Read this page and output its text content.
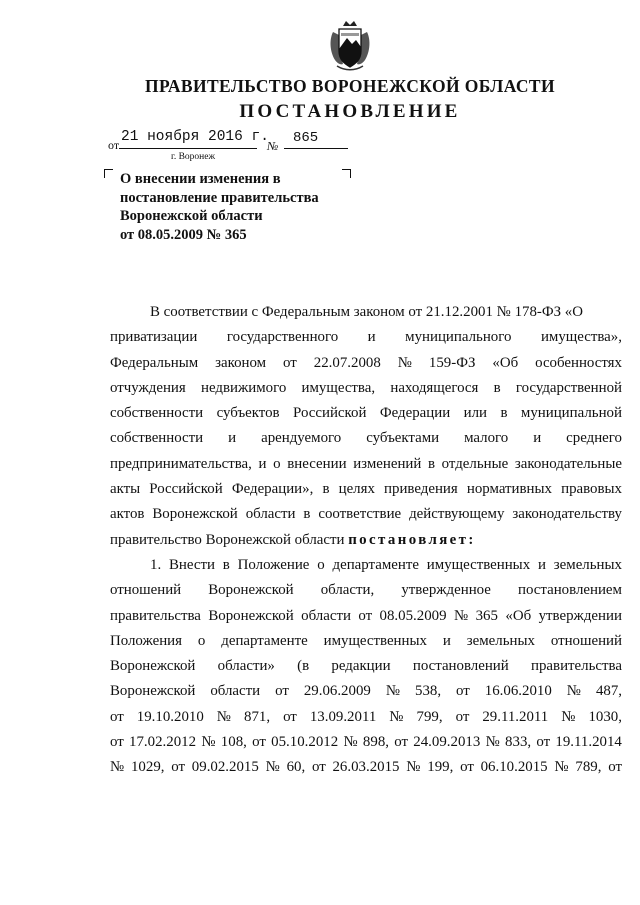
ПРАВИТЕЛЬСТВО ВОРОНЕЖСКОЙ ОБЛАСТИ
ПОСТАНОВЛЕНИЕ
от 21 ноября 2016 г.
№ 865
г. Воронеж
О внесении изменения в
постановление правительства
Воронежской области
от 08.05.2009 № 365
В соответствии с Федеральным законом от 21.12.2001 № 178-ФЗ «О
приватизации государственного и муниципального имущества»,
Федеральным законом от 22.07.2008 № 159-ФЗ «Об особенностях
отчуждения недвижимого имущества, находящегося в государственной
собственности субъектов Российской Федерации или в муниципальной
собственности и арендуемого субъектами малого и среднего
предпринимательства, и о внесении изменений в отдельные законодательные
акты Российской Федерации», в целях приведения нормативных правовых
актов Воронежской области в соответствие действующему законодательству
правительство Воронежской области постановляет:
1. Внести в Положение о департаменте имущественных и земельных
отношений Воронежской области, утвержденное постановлением
правительства Воронежской области от 08.05.2009 № 365 «Об утверждении
Положения о департаменте имущественных и земельных отношений
Воронежской области» (в редакции постановлений правительства
Воронежской области от 29.06.2009 № 538, от 16.06.2010 № 487,
от 19.10.2010 № 871, от 13.09.2011 № 799, от 29.11.2011 № 1030,
от 17.02.2012 № 108, от 05.10.2012 № 898, от 24.09.2013 № 833, от 19.11.2014
№ 1029, от 09.02.2015 № 60, от 26.03.2015 № 199, от 06.10.2015 № 789, от
